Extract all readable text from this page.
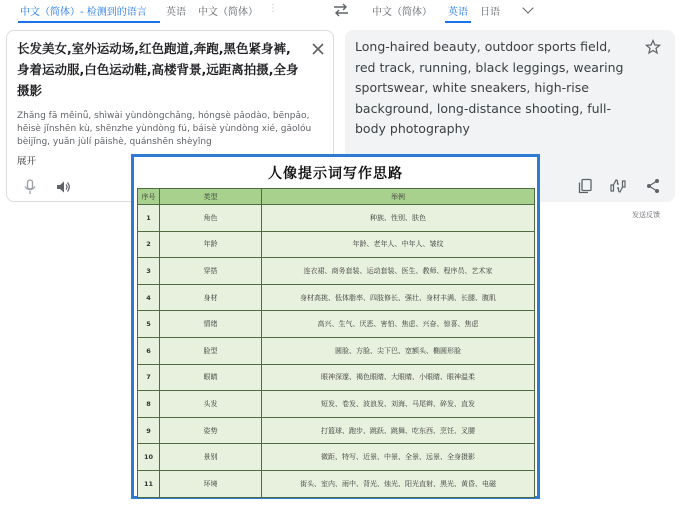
中文（简体）- 检测到的语言 英语 中文（简体） ⋮	中文（简体） 英语 日语
长发美女,室外运动场,红色跑道,奔跑,黑色紧身裤,身着运动服,白色运动鞋,高楼背景,远距离拍摄,全身摄影
Zhǎng fā měinǚ, shìwài yùndòngchǎng, hóngsè pǎodào, bēnpǎo, hēisè jǐnshēn kù, shēnzhe yùndòng fú, báisè yùndòng xié, gāolóu bèijǐng, yuǎn jùlí pāishè, quánshēn shèyǐng
展开
Long-haired beauty, outdoor sports field, red track, running, black leggings, wearing sportswear, white sneakers, high-rise background, long-distance shooting, full-body photography
发送反馈
人像提示词写作思路
序号	类型	举例
1	角色	种族、性别、肤色
2	年龄	年龄、老年人、中年人、皱纹
3	穿搭	连衣裙、商务套装、运动套装、医生、教师、程序员、艺术家
4	身材	身材高挑、低体脂率、四肢修长、强壮、身材丰满、长腿、腹肌
5	情绪	高兴、生气、厌恶、害怕、焦虑、兴奋、惊喜、焦虑
6	脸型	圆脸、方脸、尖下巴、宽额头、椭圆形脸
7	眼睛	眼神深邃、褐色眼睛、大眼睛、小眼睛、眼神温柔
8	头发	短发、卷发、波浪发、刘海、马尾辫、碎发、直发
9	姿势	打篮球、跑步、跳跃、跳舞、吃东西、烹饪、叉腰
10	景别	微距、特写、近景、中景、全景、远景、全身摄影
11	环境	街头、室内、雨中、背光、烛光、阳光直射、黑光、黄昏、电磁
